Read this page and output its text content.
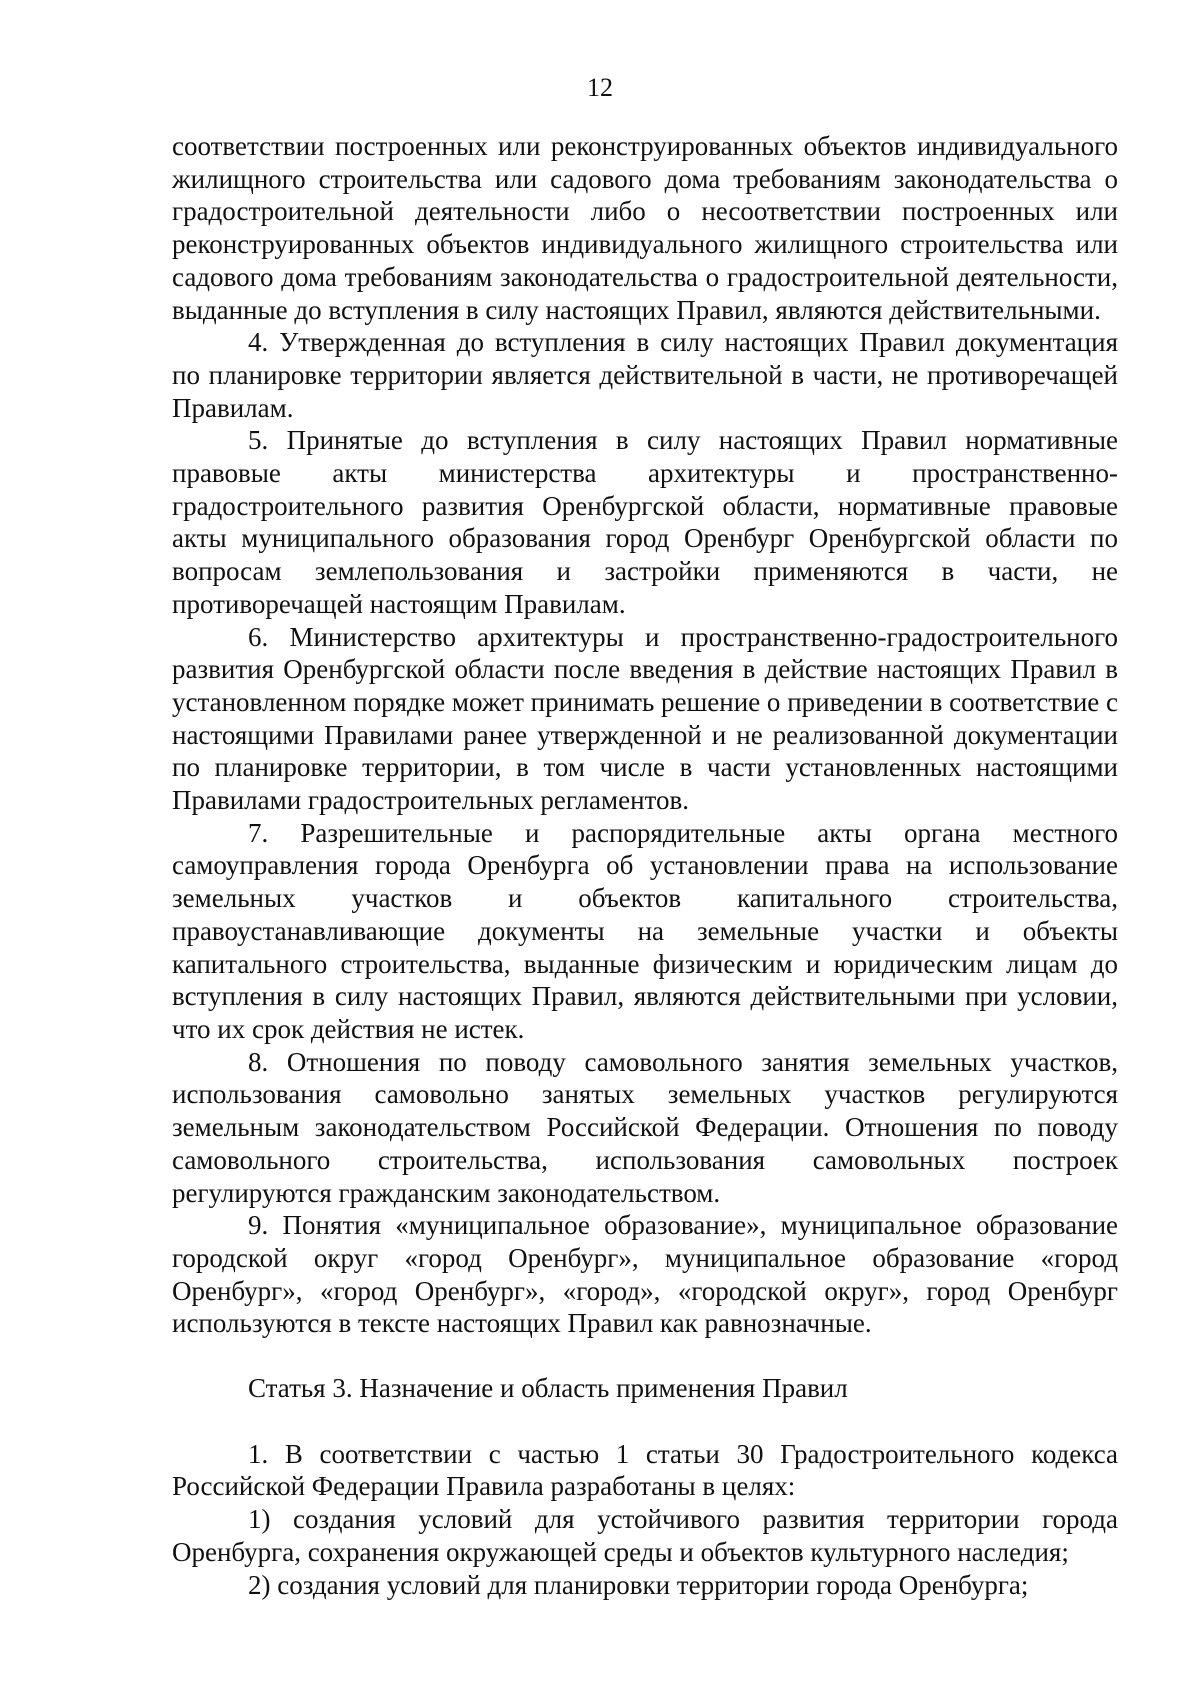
12

соответствии построенных или реконструированных объектов индивидуального жилищного строительства или садового дома требованиям законодательства о градостроительной деятельности либо о несоответствии построенных или реконструированных объектов индивидуального жилищного строительства или садового дома требованиям законодательства о градостроительной деятельности, выданные до вступления в силу настоящих Правил, являются действительными.

4. Утвержденная до вступления в силу настоящих Правил документация по планировке территории является действительной в части, не противоречащей Правилам.

5. Принятые до вступления в силу настоящих Правил нормативные правовые акты министерства архитектуры и пространственно-градостроительного развития Оренбургской области, нормативные правовые акты муниципального образования город Оренбург Оренбургской области по вопросам землепользования и застройки применяются в части, не противоречащей настоящим Правилам.

6. Министерство архитектуры и пространственно-градостроительного развития Оренбургской области после введения в действие настоящих Правил в установленном порядке может принимать решение о приведении в соответствие с настоящими Правилами ранее утвержденной и не реализованной документации по планировке территории, в том числе в части установленных настоящими Правилами градостроительных регламентов.

7. Разрешительные и распорядительные акты органа местного самоуправления города Оренбурга об установлении права на использование земельных участков и объектов капитального строительства, правоустанавливающие документы на земельные участки и объекты капитального строительства, выданные физическим и юридическим лицам до вступления в силу настоящих Правил, являются действительными при условии, что их срок действия не истек.

8. Отношения по поводу самовольного занятия земельных участков, использования самовольно занятых земельных участков регулируются земельным законодательством Российской Федерации. Отношения по поводу самовольного строительства, использования самовольных построек регулируются гражданским законодательством.

9. Понятия «муниципальное образование», муниципальное образование городской округ «город Оренбург», муниципальное образование «город Оренбург», «город Оренбург», «город», «городской округ», город Оренбург используются в тексте настоящих Правил как равнозначные.

Статья 3. Назначение и область применения Правил

1. В соответствии с частью 1 статьи 30 Градостроительного кодекса Российской Федерации Правила разработаны в целях:

1) создания условий для устойчивого развития территории города Оренбурга, сохранения окружающей среды и объектов культурного наследия;

2) создания условий для планировки территории города Оренбурга;
